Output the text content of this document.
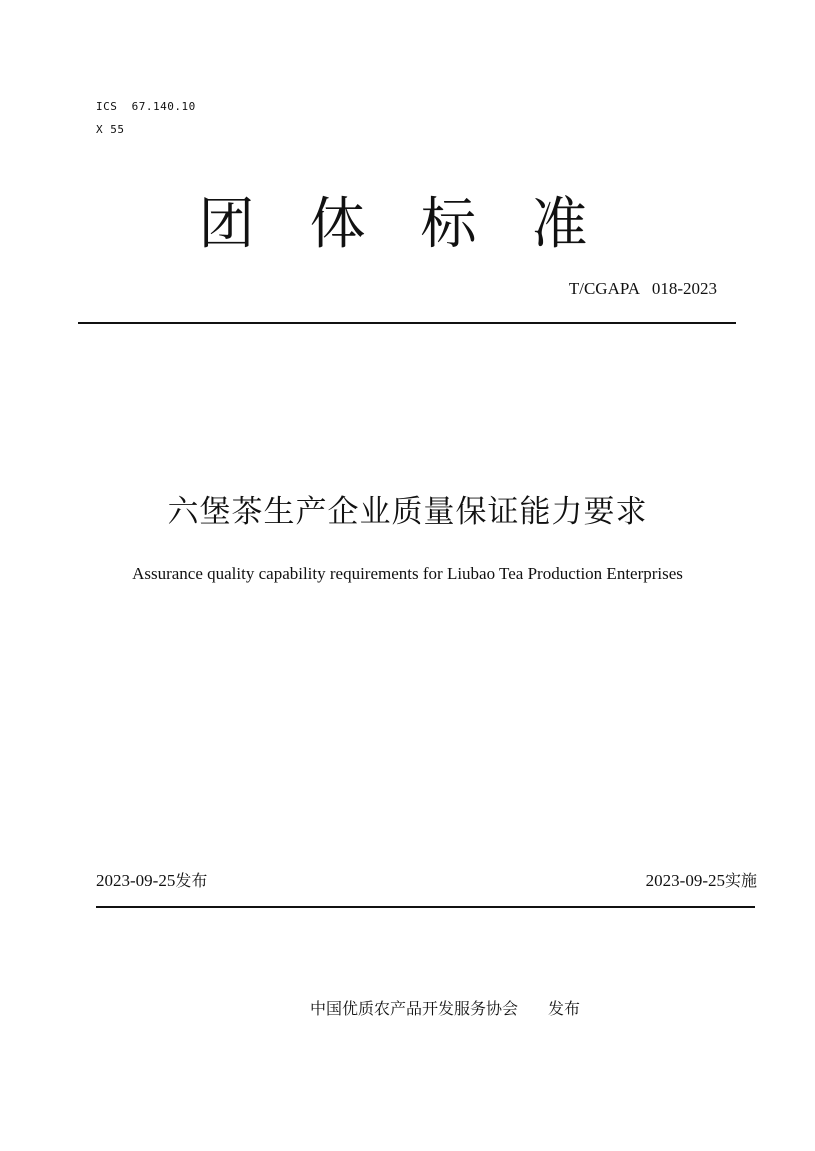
ICS  67.140.10
X 55
团体标准
T/CGAPA   018-2023
六堡茶生产企业质量保证能力要求
Assurance quality capability requirements for Liubao Tea Production Enterprises
2023-09-25发布	2023-09-25实施
中国优质农产品开发服务协会 发布
